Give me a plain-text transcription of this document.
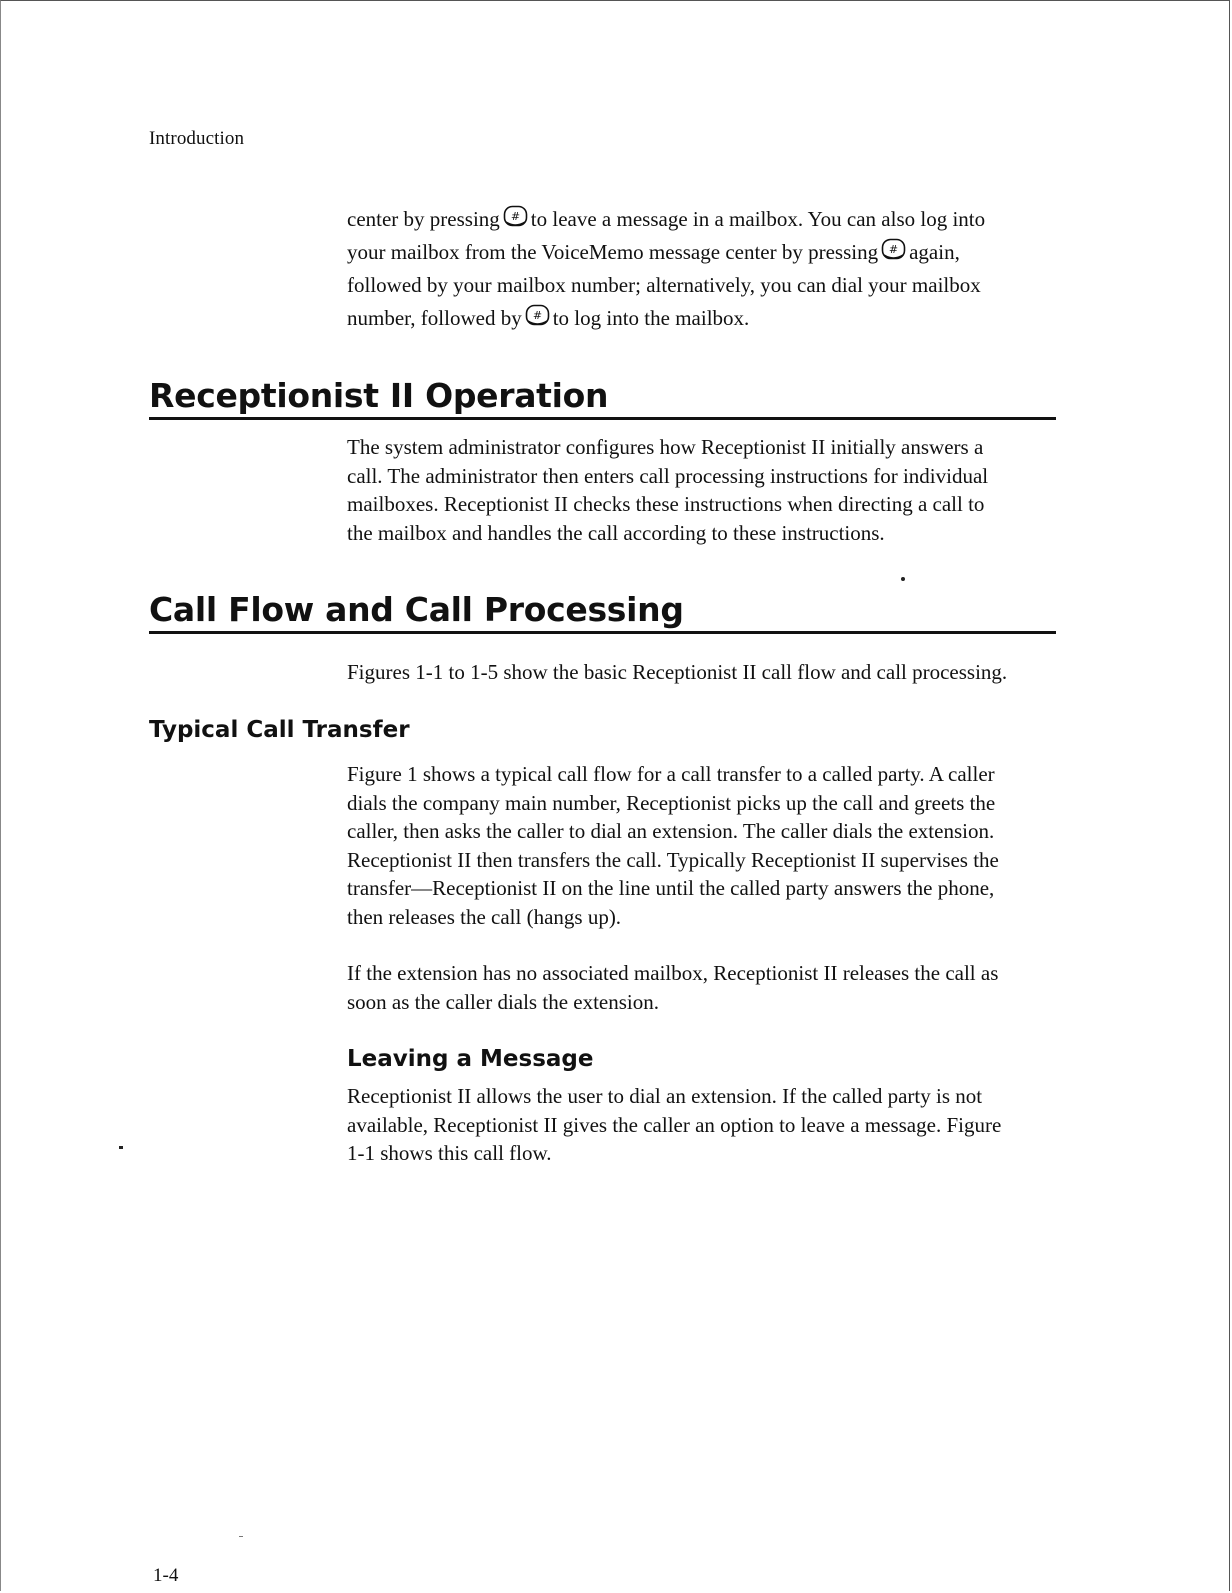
Introduction
center by pressing # to leave a message in a mailbox. You can also log into
your mailbox from the VoiceMemo message center by pressing # again,
followed by your mailbox number; alternatively, you can dial your mailbox
number, followed by # to log into the mailbox.
Receptionist II Operation
The system administrator configures how Receptionist II initially answers a
call. The administrator then enters call processing instructions for individual
mailboxes. Receptionist II checks these instructions when directing a call to
the mailbox and handles the call according to these instructions.
Call Flow and Call Processing
Figures 1-1 to 1-5 show the basic Receptionist II call flow and call processing.
Typical Call Transfer
Figure 1 shows a typical call flow for a call transfer to a called party. A caller
dials the company main number, Receptionist picks up the call and greets the
caller, then asks the caller to dial an extension. The caller dials the extension.
Receptionist II then transfers the call. Typically Receptionist II supervises the
transfer—Receptionist II on the line until the called party answers the phone,
then releases the call (hangs up).
If the extension has no associated mailbox, Receptionist II releases the call as
soon as the caller dials the extension.
Leaving a Message
Receptionist II allows the user to dial an extension. If the called party is not
available, Receptionist II gives the caller an option to leave a message. Figure
1-1 shows this call flow.
1-4
